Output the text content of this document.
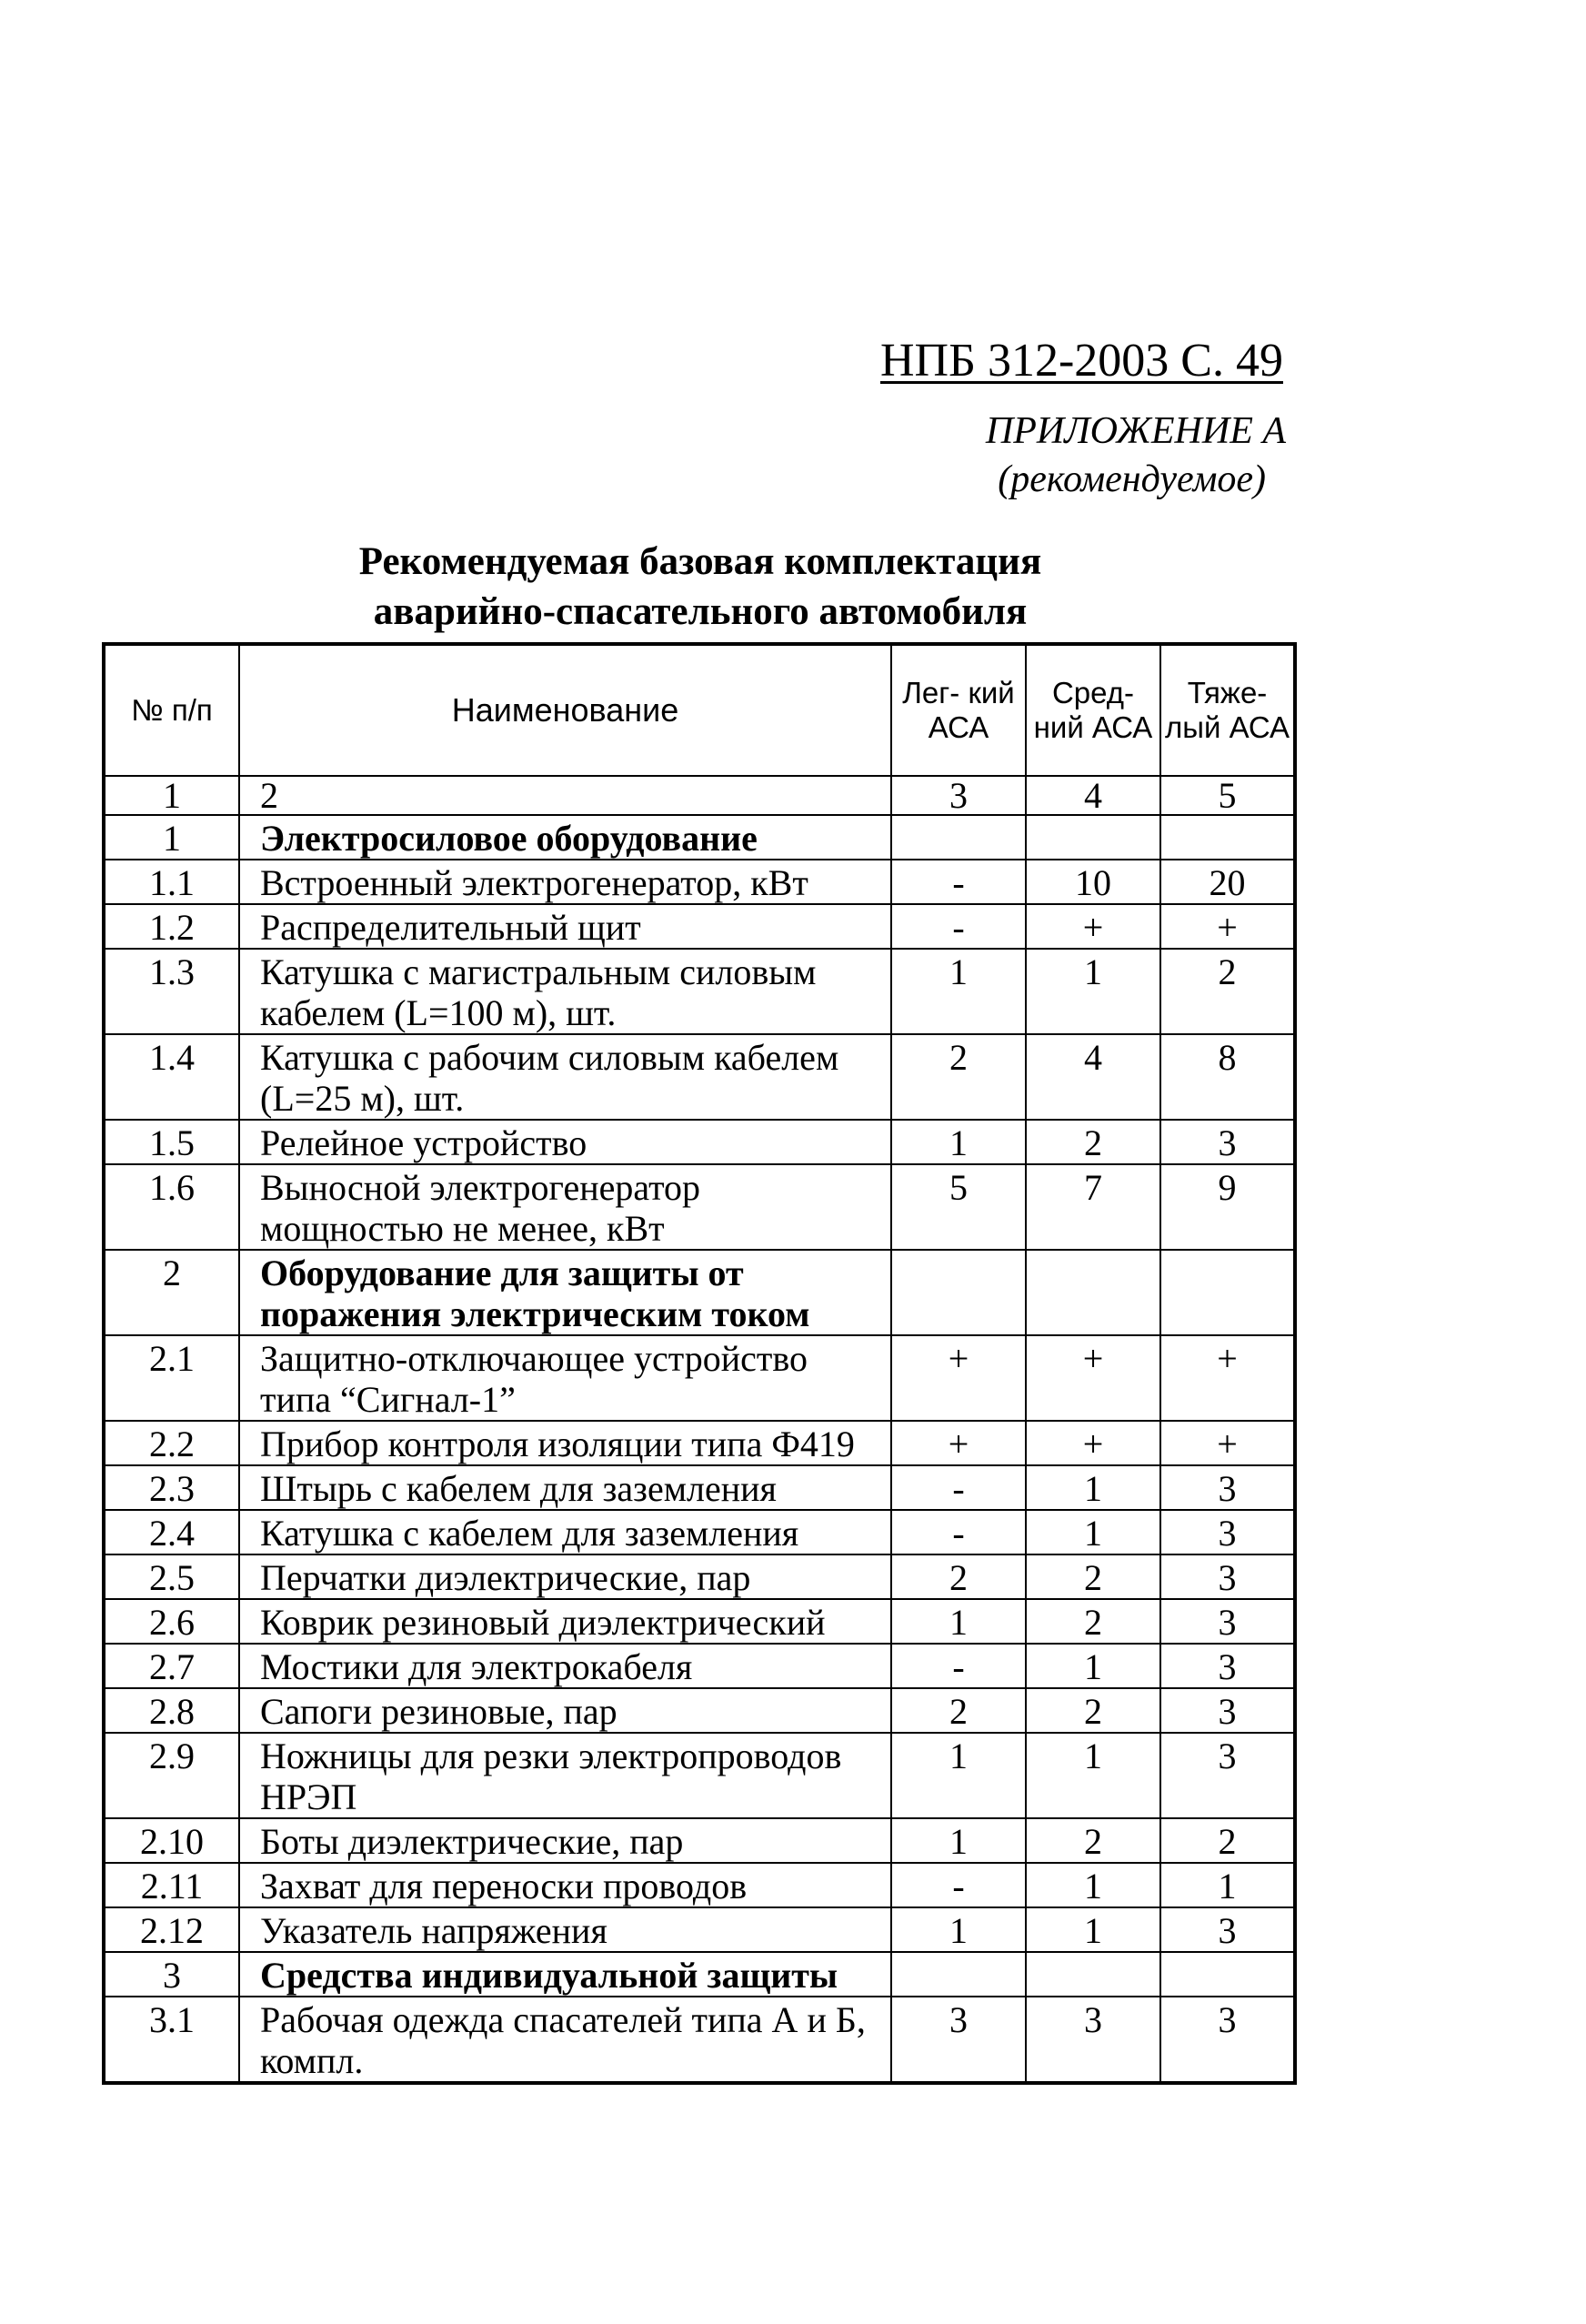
НПБ 312-2003 С. 49
ПРИЛОЖЕНИЕ А
(рекомендуемое)
Рекомендуемая базовая комплектация
аварийно-спасательного автомобиля
№ п/п	Наименование	Лег- кий АСА	Сред- ний АСА	Тяже- лый АСА
1	2	3	4	5
1	Электросиловое оборудование			
1.1	Встроенный электрогенератор, кВт	-	10	20
1.2	Распределительный щит	-	+	+
1.3	Катушка с магистральным силовым кабелем (L=100 м), шт.	1	1	2
1.4	Катушка с рабочим силовым кабелем (L=25 м), шт.	2	4	8
1.5	Релейное устройство	1	2	3
1.6	Выносной электрогенератор мощностью не менее, кВт	5	7	9
2	Оборудование для защиты от поражения электрическим током			
2.1	Защитно-отключающее устройство типа “Сигнал-1”	+	+	+
2.2	Прибор контроля изоляции типа Ф419	+	+	+
2.3	Штырь с кабелем для заземления	-	1	3
2.4	Катушка с кабелем для заземления	-	1	3
2.5	Перчатки диэлектрические, пар	2	2	3
2.6	Коврик резиновый диэлектрический	1	2	3
2.7	Мостики для электрокабеля	-	1	3
2.8	Сапоги резиновые, пар	2	2	3
2.9	Ножницы для резки электропроводов НРЭП	1	1	3
2.10	Боты диэлектрические, пар	1	2	2
2.11	Захват для переноски проводов	-	1	1
2.12	Указатель напряжения	1	1	3
3	Средства индивидуальной защиты			
3.1	Рабочая одежда спасателей типа А и Б, компл.	3	3	3
